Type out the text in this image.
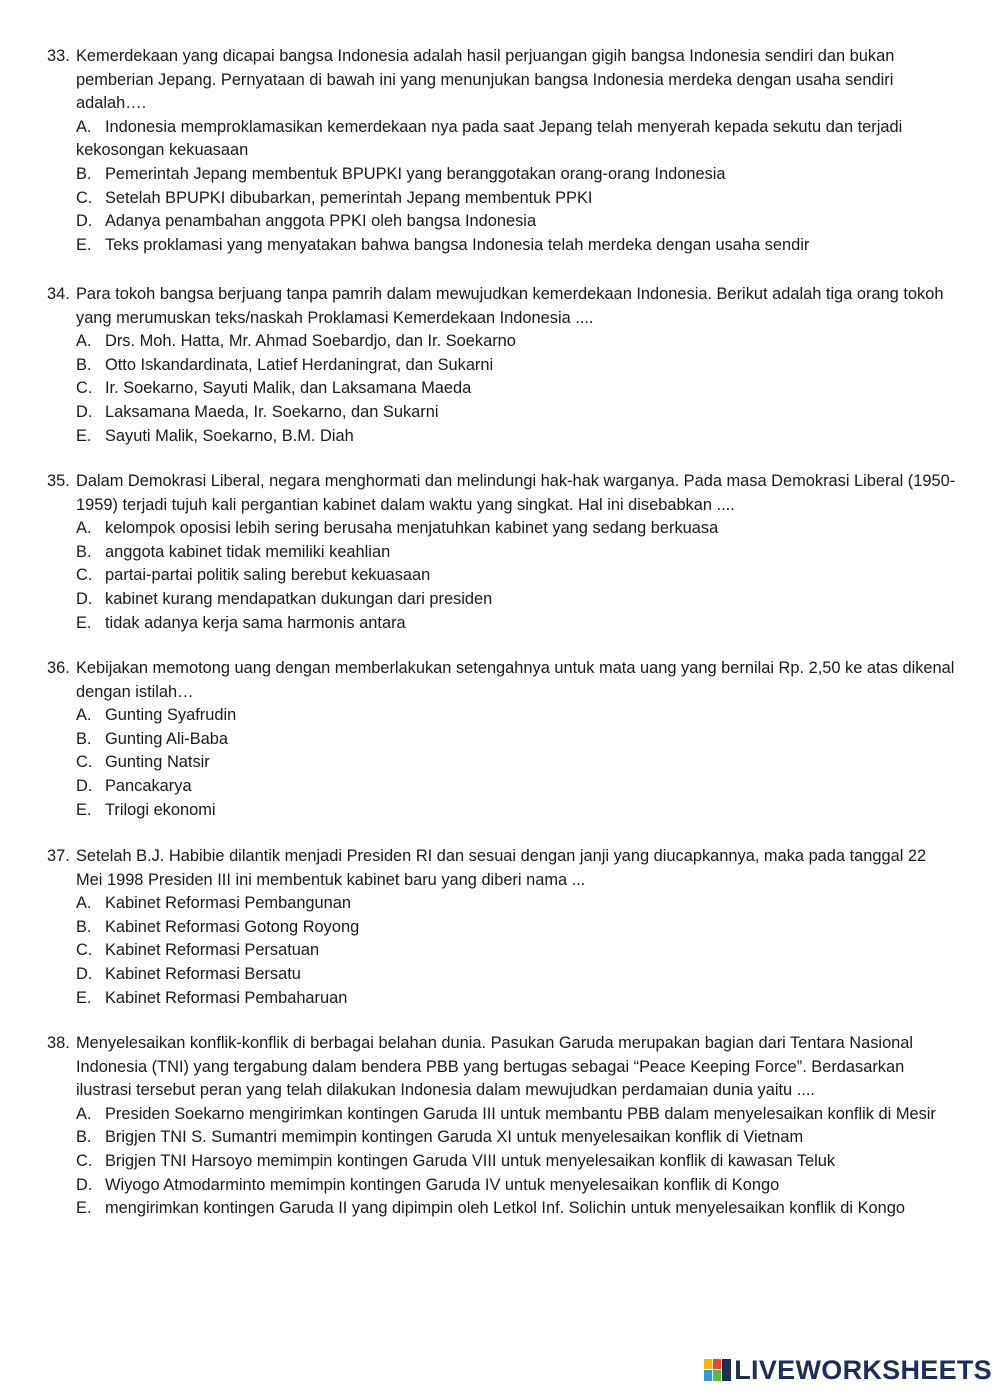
33. Kemerdekaan yang dicapai bangsa Indonesia adalah hasil perjuangan gigih bangsa Indonesia sendiri dan bukan pemberian Jepang. Pernyataan di bawah ini yang menunjukan bangsa Indonesia merdeka dengan usaha sendiri adalah….
A. Indonesia memproklamasikan kemerdekaan nya pada saat Jepang telah menyerah kepada sekutu dan terjadi kekosongan kekuasaan
B. Pemerintah Jepang membentuk BPUPKI yang beranggotakan orang-orang Indonesia
C. Setelah BPUPKI dibubarkan, pemerintah Jepang membentuk PPKI
D. Adanya penambahan anggota PPKI oleh bangsa Indonesia
E. Teks proklamasi yang menyatakan bahwa bangsa Indonesia telah merdeka dengan usaha sendir
34. Para tokoh bangsa berjuang tanpa pamrih dalam mewujudkan kemerdekaan Indonesia. Berikut adalah tiga orang tokoh yang merumuskan teks/naskah Proklamasi Kemerdekaan Indonesia ....
A. Drs. Moh. Hatta, Mr. Ahmad Soebardjo, dan Ir. Soekarno
B. Otto Iskandardinata, Latief Herdaningrat, dan Sukarni
C. Ir. Soekarno, Sayuti Malik, dan Laksamana Maeda
D. Laksamana Maeda, Ir. Soekarno, dan Sukarni
E. Sayuti Malik, Soekarno, B.M. Diah
35. Dalam Demokrasi Liberal, negara menghormati dan melindungi hak-hak warganya. Pada masa Demokrasi Liberal (1950-1959) terjadi tujuh kali pergantian kabinet dalam waktu yang singkat. Hal ini disebabkan ....
A. kelompok oposisi lebih sering berusaha menjatuhkan kabinet yang sedang berkuasa
B. anggota kabinet tidak memiliki keahlian
C. partai-partai politik saling berebut kekuasaan
D. kabinet kurang mendapatkan dukungan dari presiden
E. tidak adanya kerja sama harmonis antara
36. Kebijakan memotong uang dengan memberlakukan setengahnya untuk mata uang yang bernilai Rp. 2,50 ke atas dikenal dengan istilah…
A. Gunting Syafrudin
B. Gunting Ali-Baba
C. Gunting Natsir
D. Pancakarya
E. Trilogi ekonomi
37. Setelah B.J. Habibie dilantik menjadi Presiden RI dan sesuai dengan janji yang diucapkannya, maka pada tanggal 22 Mei 1998 Presiden III ini membentuk kabinet baru yang diberi nama ...
A. Kabinet Reformasi Pembangunan
B. Kabinet Reformasi Gotong Royong
C. Kabinet Reformasi Persatuan
D. Kabinet Reformasi Bersatu
E. Kabinet Reformasi Pembaharuan
38. Menyelesaikan konflik-konflik di berbagai belahan dunia. Pasukan Garuda merupakan bagian dari Tentara Nasional Indonesia (TNI) yang tergabung dalam bendera PBB yang bertugas sebagai “Peace Keeping Force”. Berdasarkan ilustrasi tersebut peran yang telah dilakukan Indonesia dalam mewujudkan perdamaian dunia yaitu ....
A. Presiden Soekarno mengirimkan kontingen Garuda III untuk membantu PBB dalam menyelesaikan konflik di Mesir
B. Brigjen TNI S. Sumantri memimpin kontingen Garuda XI untuk menyelesaikan konflik di Vietnam
C. Brigjen TNI Harsoyo memimpin kontingen Garuda VIII untuk menyelesaikan konflik di kawasan Teluk
D. Wiyogo Atmodarminto memimpin kontingen Garuda IV untuk menyelesaikan konflik di Kongo
E. mengirimkan kontingen Garuda II yang dipimpin oleh Letkol Inf. Solichin untuk menyelesaikan konflik di Kongo
LIVEWORKSHEETS
